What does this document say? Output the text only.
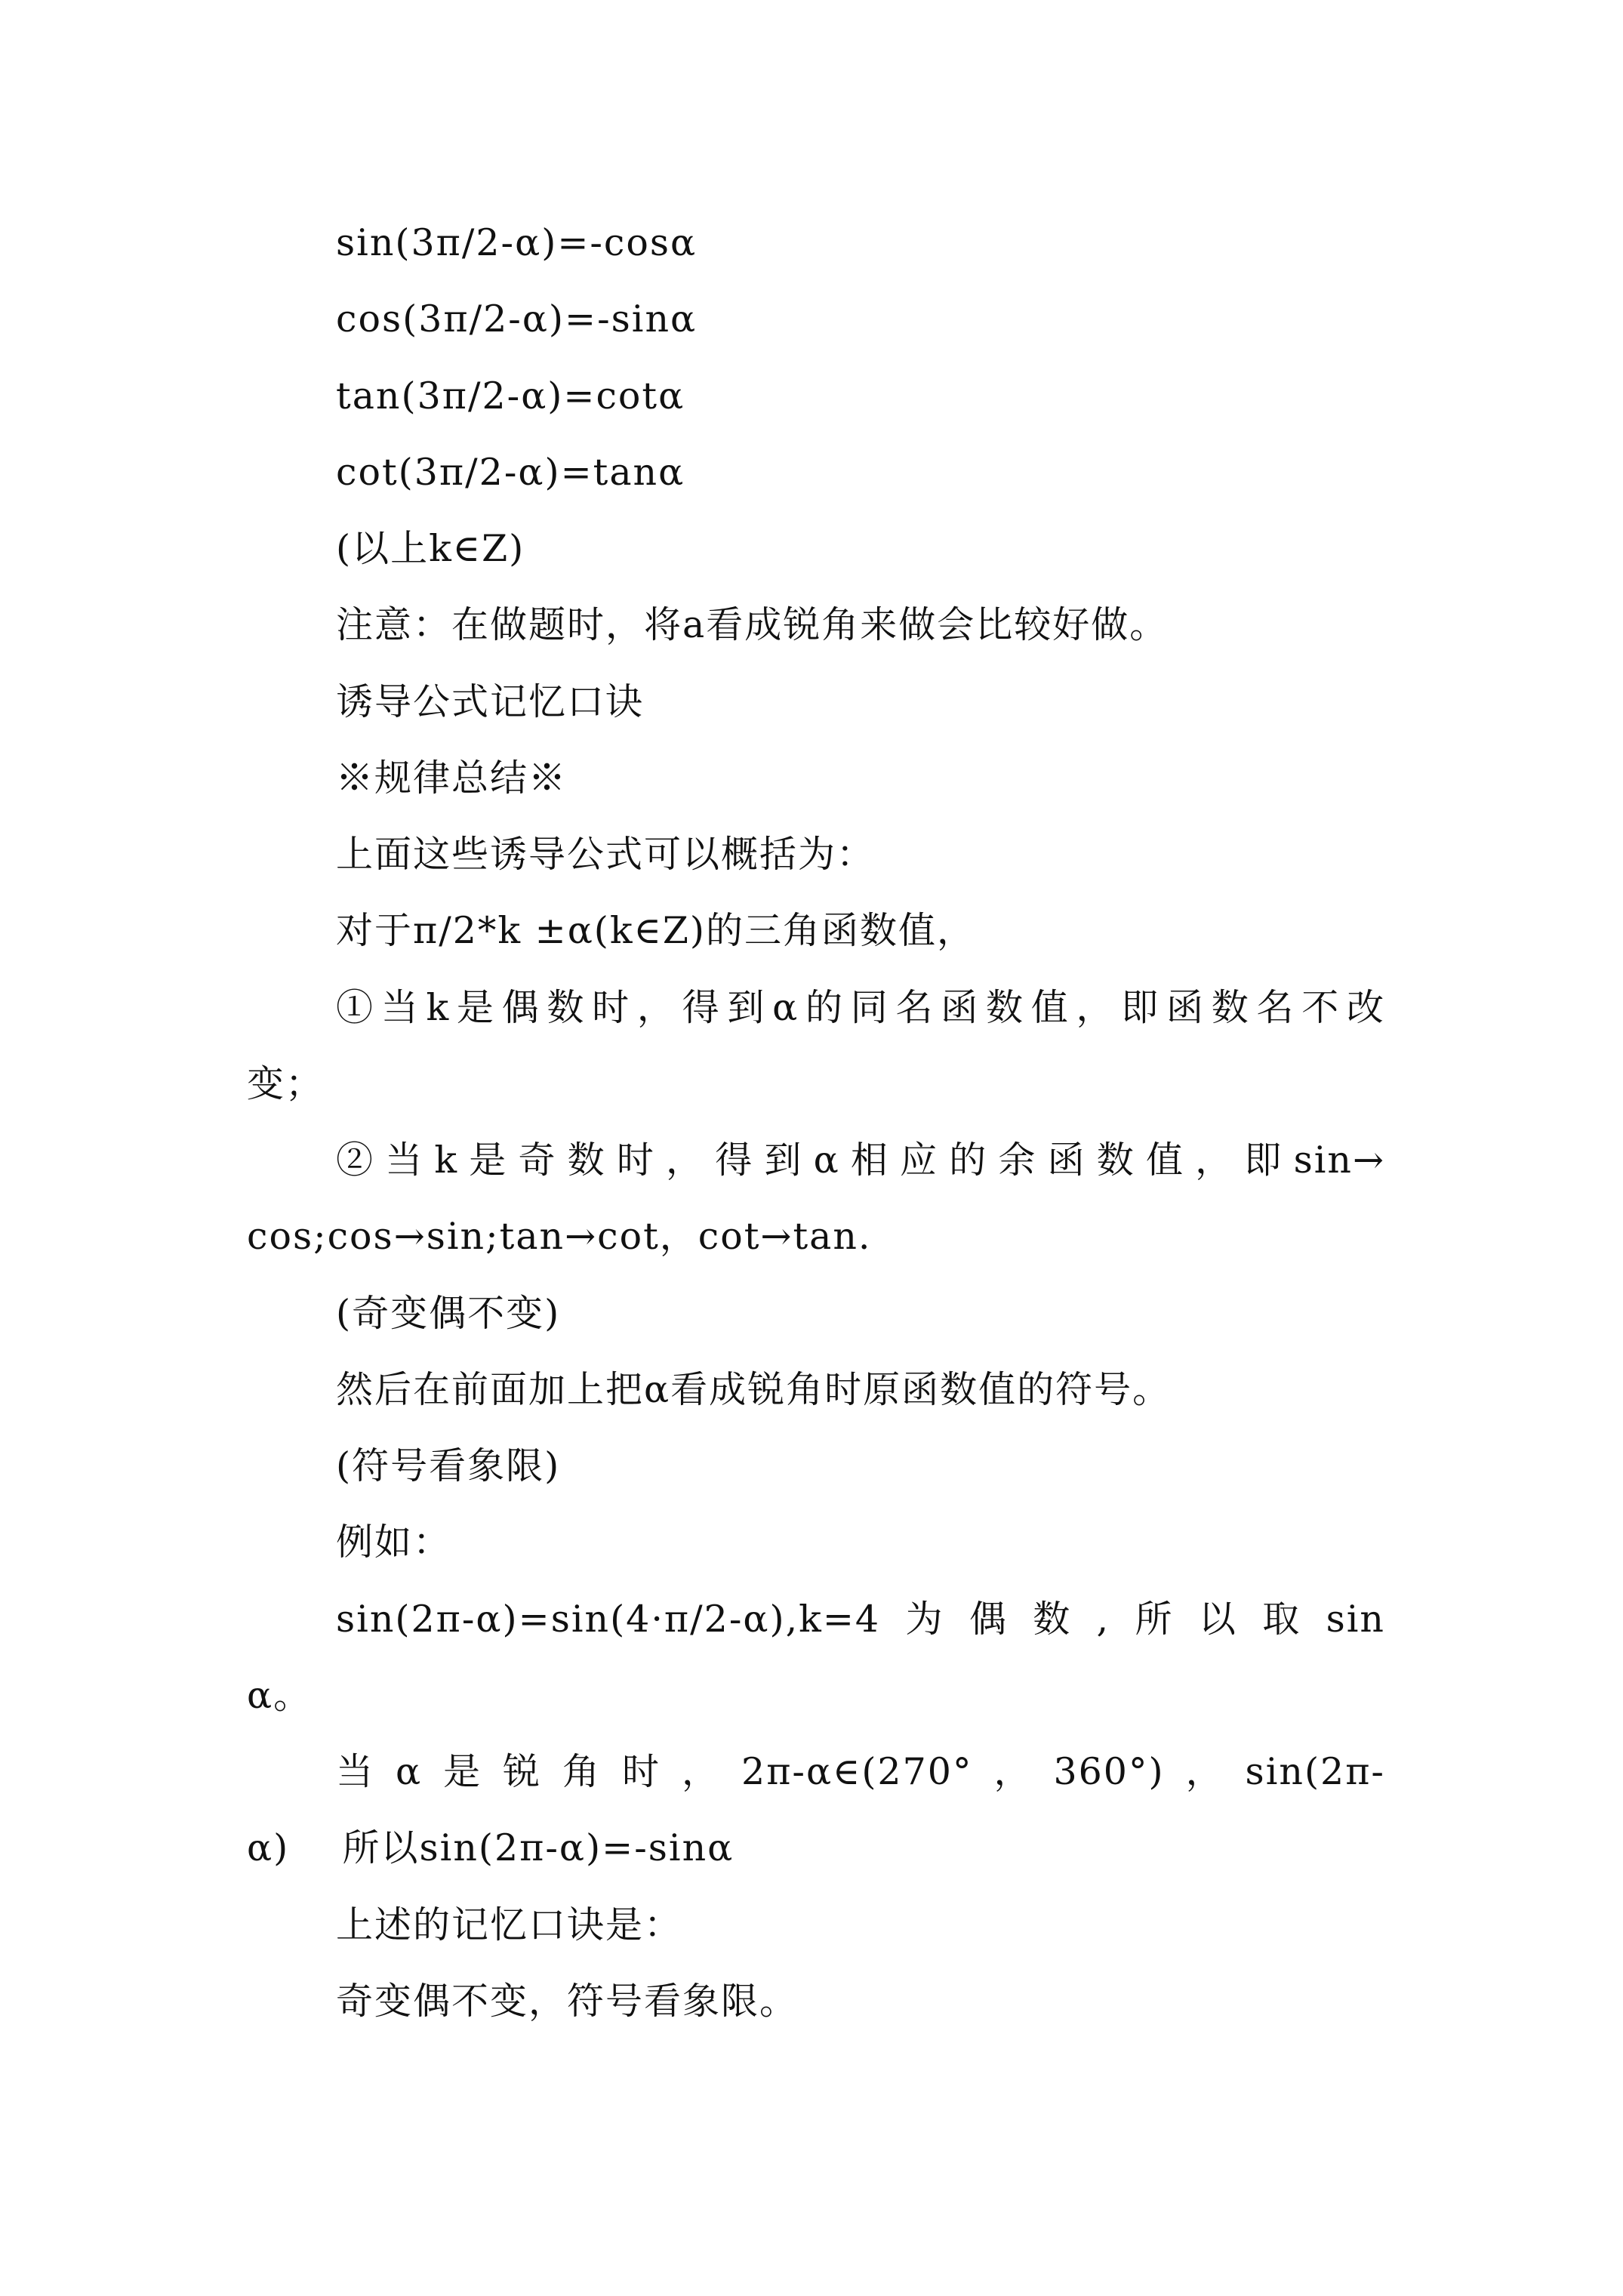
sin(3π/2-α)=-cosα
cos(3π/2-α)=-sinα
tan(3π/2-α)=cotα
cot(3π/2-α)=tanα
(以上k∈Z)
注意：在做题时，将a看成锐角来做会比较好做。
诱导公式记忆口诀
※规律总结※
上面这些诱导公式可以概括为：
对于π/2*k ±α(k∈Z)的三角函数值，
①当k是偶数时，得到α的同名函数值，即函数名不改
变；
②当k是奇数时，得到α相应的余函数值，即sin→
cos;cos→sin;tan→cot，cot→tan.
(奇变偶不变)
然后在前面加上把α看成锐角时原函数值的符号。
(符号看象限)
例如：
sin(2π-α)=sin(4·π/2-α),k=4为偶数,所以取sin
α。
当α是锐角时，2π-α∈(270°，360°)，sin(2π-
α)    所以sin(2π-α)=-sinα
上述的记忆口诀是：
奇变偶不变，符号看象限。
